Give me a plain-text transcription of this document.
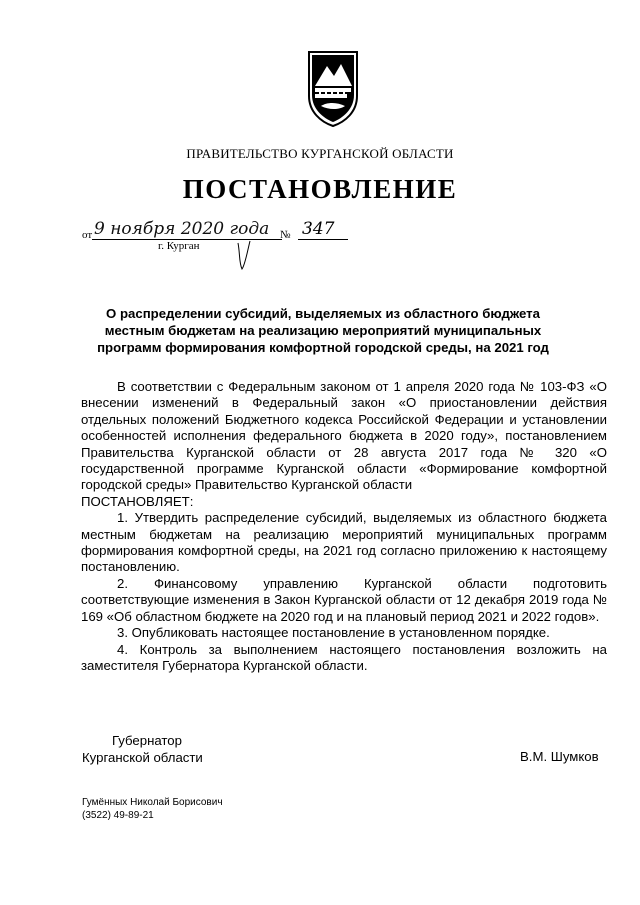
ПРАВИТЕЛЬСТВО КУРГАНСКОЙ ОБЛАСТИ
ПОСТАНОВЛЕНИЕ
от 9 ноября 2020 года № 347
г. Курган
О распределении субсидий, выделяемых из областного бюджета местным бюджетам на реализацию мероприятий муниципальных программ формирования комфортной городской среды, на 2021 год

В соответствии с Федеральным законом от 1 апреля 2020 года № 103-ФЗ «О внесении изменений в Федеральный закон «О приостановлении действия отдельных положений Бюджетного кодекса Российской Федерации и установлении особенностей исполнения федерального бюджета в 2020 году», постановлением Правительства Курганской области от 28 августа 2017 года № 320 «О государственной программе Курганской области «Формирование комфортной городской среды» Правительство Курганской области

ПОСТАНОВЛЯЕТ:

1. Утвердить распределение субсидий, выделяемых из областного бюджета местным бюджетам на реализацию мероприятий муниципальных программ формирования комфортной среды, на 2021 год согласно приложению к настоящему постановлению.

2. Финансовому управлению Курганской области подготовить соответствующие изменения в Закон Курганской области от 12 декабря 2019 года № 169 «Об областном бюджете на 2020 год и на плановый период 2021 и 2022 годов».

3. Опубликовать настоящее постановление в установленном порядке.

4. Контроль за выполнением настоящего постановления возложить на заместителя Губернатора Курганской области.

Губернатор
Курганской области	В.М. Шумков
Гумённых Николай Борисович
(3522) 49-89-21
